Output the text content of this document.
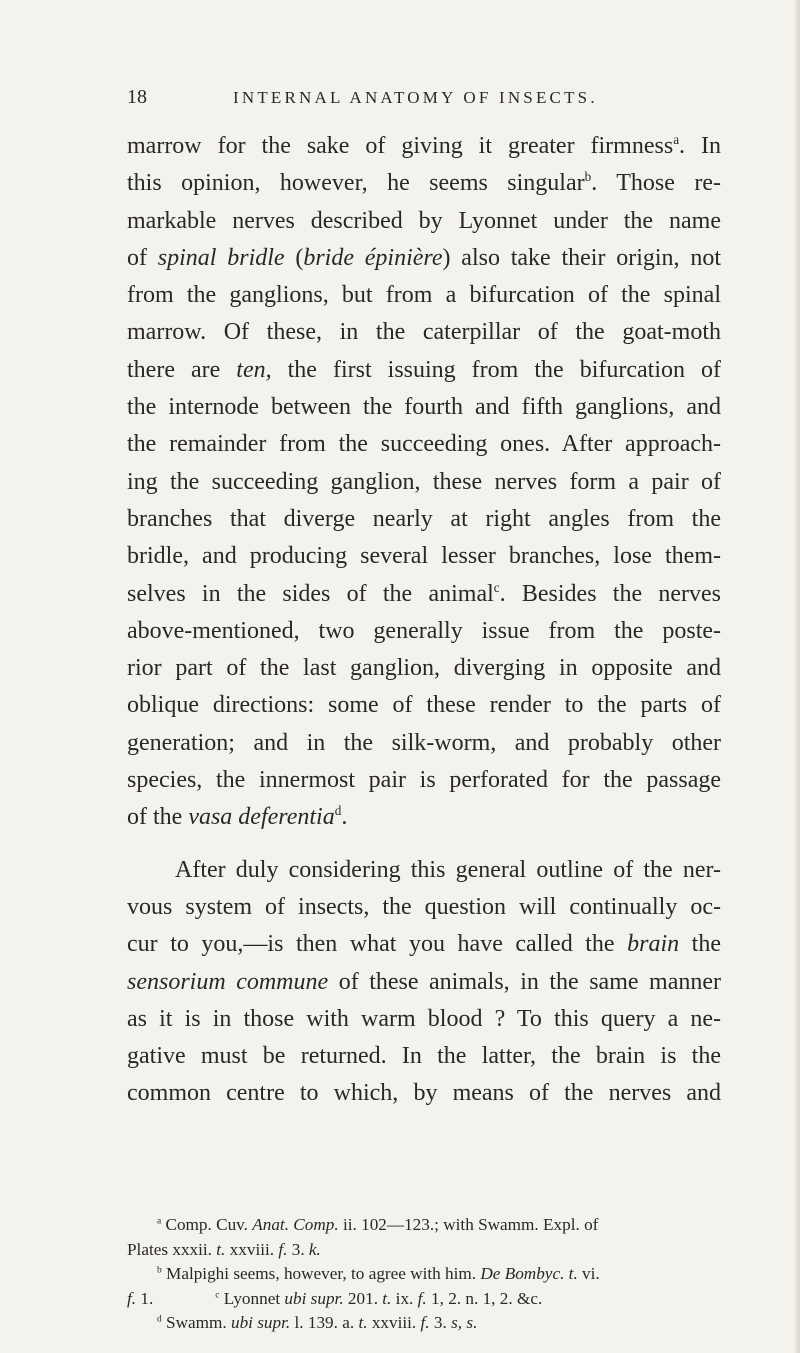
18	INTERNAL ANATOMY OF INSECTS.

marrow for the sake of giving it greater firmness$^a$. In
this opinion, however, he seems singular$^b$. Those re-
markable nerves described by Lyonnet under the name
of spinal bridle (bride épinière) also take their origin, not
from the ganglions, but from a bifurcation of the spinal
marrow. Of these, in the caterpillar of the goat-moth
there are ten, the first issuing from the bifurcation of
the internode between the fourth and fifth ganglions, and
the remainder from the succeeding ones. After approach-
ing the succeeding ganglion, these nerves form a pair of
branches that diverge nearly at right angles from the
bridle, and producing several lesser branches, lose them-
selves in the sides of the animal$^c$. Besides the nerves
above-mentioned, two generally issue from the poste-
rior part of the last ganglion, diverging in opposite and
oblique directions: some of these render to the parts of
generation; and in the silk-worm, and probably other
species, the innermost pair is perforated for the passage
of the vasa deferentia$^d$.

After duly considering this general outline of the ner-
vous system of insects, the question will continually oc-
cur to you,—is then what you have called the brain the
sensorium commune of these animals, in the same manner
as it is in those with warm blood ? To this query a ne-
gative must be returned. In the latter, the brain is the
common centre to which, by means of the nerves and

$^a$ Comp. Cuv. Anat. Comp. ii. 102—123.; with Swamm. Expl. of
Plates xxxii. t. xxviii. f. 3. k.
$^b$ Malpighi seems, however, to agree with him. De Bombyc. t. vi.
f. 1.	$^c$ Lyonnet ubi supr. 201. t. ix. f. 1, 2. n. 1, 2. &c.
$^d$ Swamm. ubi supr. l. 139. a. t. xxviii. f. 3. s, s.
